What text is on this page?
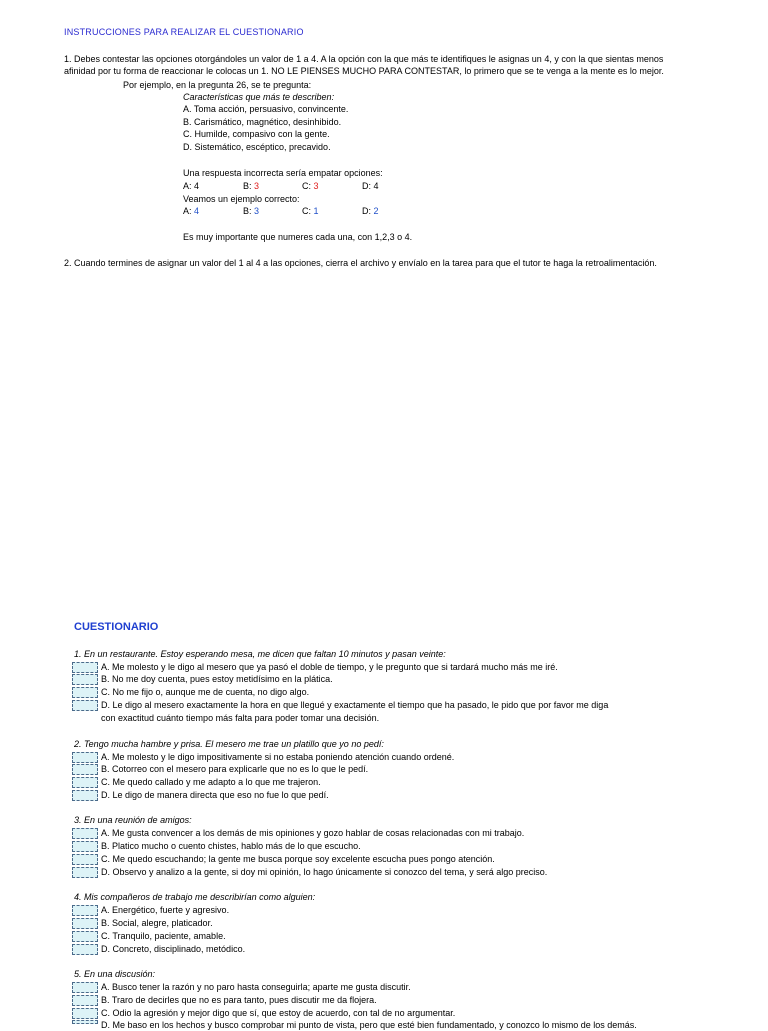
INSTRUCCIONES PARA REALIZAR EL CUESTIONARIO
1. Debes contestar las opciones otorgándoles un valor de 1 a 4. A la opción con la que más te identifiques le asignas un 4, y con la que sientas menos
afinidad por tu forma de reaccionar le colocas un 1. NO LE PIENSES MUCHO PARA CONTESTAR, lo primero que se te venga a la mente es lo mejor.
Por ejemplo, en la pregunta 26, se te pregunta:
Características que más te describen:
A. Toma acción, persuasivo, convincente.
B. Carismático, magnético, desinhibido.
C. Humilde, compasivo con la gente.
D. Sistemático, escéptico, precavido.
Una respuesta incorrecta sería empatar opciones:
A: 4	B: 3	C: 3	D: 4
Veamos un ejemplo correcto:
A: 4	B: 3	C: 1	D: 2
Es muy importante que numeres cada una, con 1,2,3 o 4.
2. Cuando termines de asignar un valor del 1 al 4 a las opciones, cierra el archivo y envíalo en la tarea para que el tutor te haga la retroalimentación.
CUESTIONARIO
1. En un restaurante. Estoy esperando mesa, me dicen que faltan 10 minutos y pasan veinte:
A. Me molesto y le digo al mesero que ya pasó el doble de tiempo, y le pregunto que si tardará mucho más me iré.
B. No me doy cuenta, pues estoy metidísimo en la plática.
C. No me fijo o, aunque me de cuenta, no digo algo.
D. Le digo al mesero exactamente la hora en que llegué y exactamente el tiempo que ha pasado, le pido que por favor me diga
con exactitud cuánto tiempo más falta para poder tomar una decisión.
2. Tengo mucha hambre y prisa. El mesero me trae un platillo que yo no pedí:
A. Me molesto y le digo impositivamente si no estaba poniendo atención cuando ordené.
B. Cotorreo con el mesero para explicarle que no es lo que le pedí.
C. Me quedo callado y me adapto a lo que me trajeron.
D. Le digo de manera directa que eso no fue lo que pedí.
3. En una reunión de amigos:
A. Me gusta convencer a los demás de mis opiniones y gozo hablar de cosas relacionadas con mi trabajo.
B. Platico mucho o cuento chistes, hablo más de lo que escucho.
C. Me quedo escuchando; la gente me busca porque soy excelente escucha pues pongo atención.
D. Observo y analizo a la gente, si doy mi opinión, lo hago únicamente si conozco del tema, y será algo preciso.
4. Mis compañeros de trabajo me describirían como alguien:
A. Energético, fuerte y agresivo.
B. Social, alegre, platicador.
C. Tranquilo, paciente, amable.
D. Concreto, disciplinado, metódico.
5. En una discusión:
A. Busco tener la razón y no paro hasta conseguirla; aparte me gusta discutir.
B. Traro de decirles que no es para tanto, pues discutir me da flojera.
C. Odio la agresión y mejor digo que sí, que estoy de acuerdo, con tal de no argumentar.
D. Me baso en los hechos y busco comprobar mi punto de vista, pero que esté bien fundamentado, y conozco lo mismo de los demás.
